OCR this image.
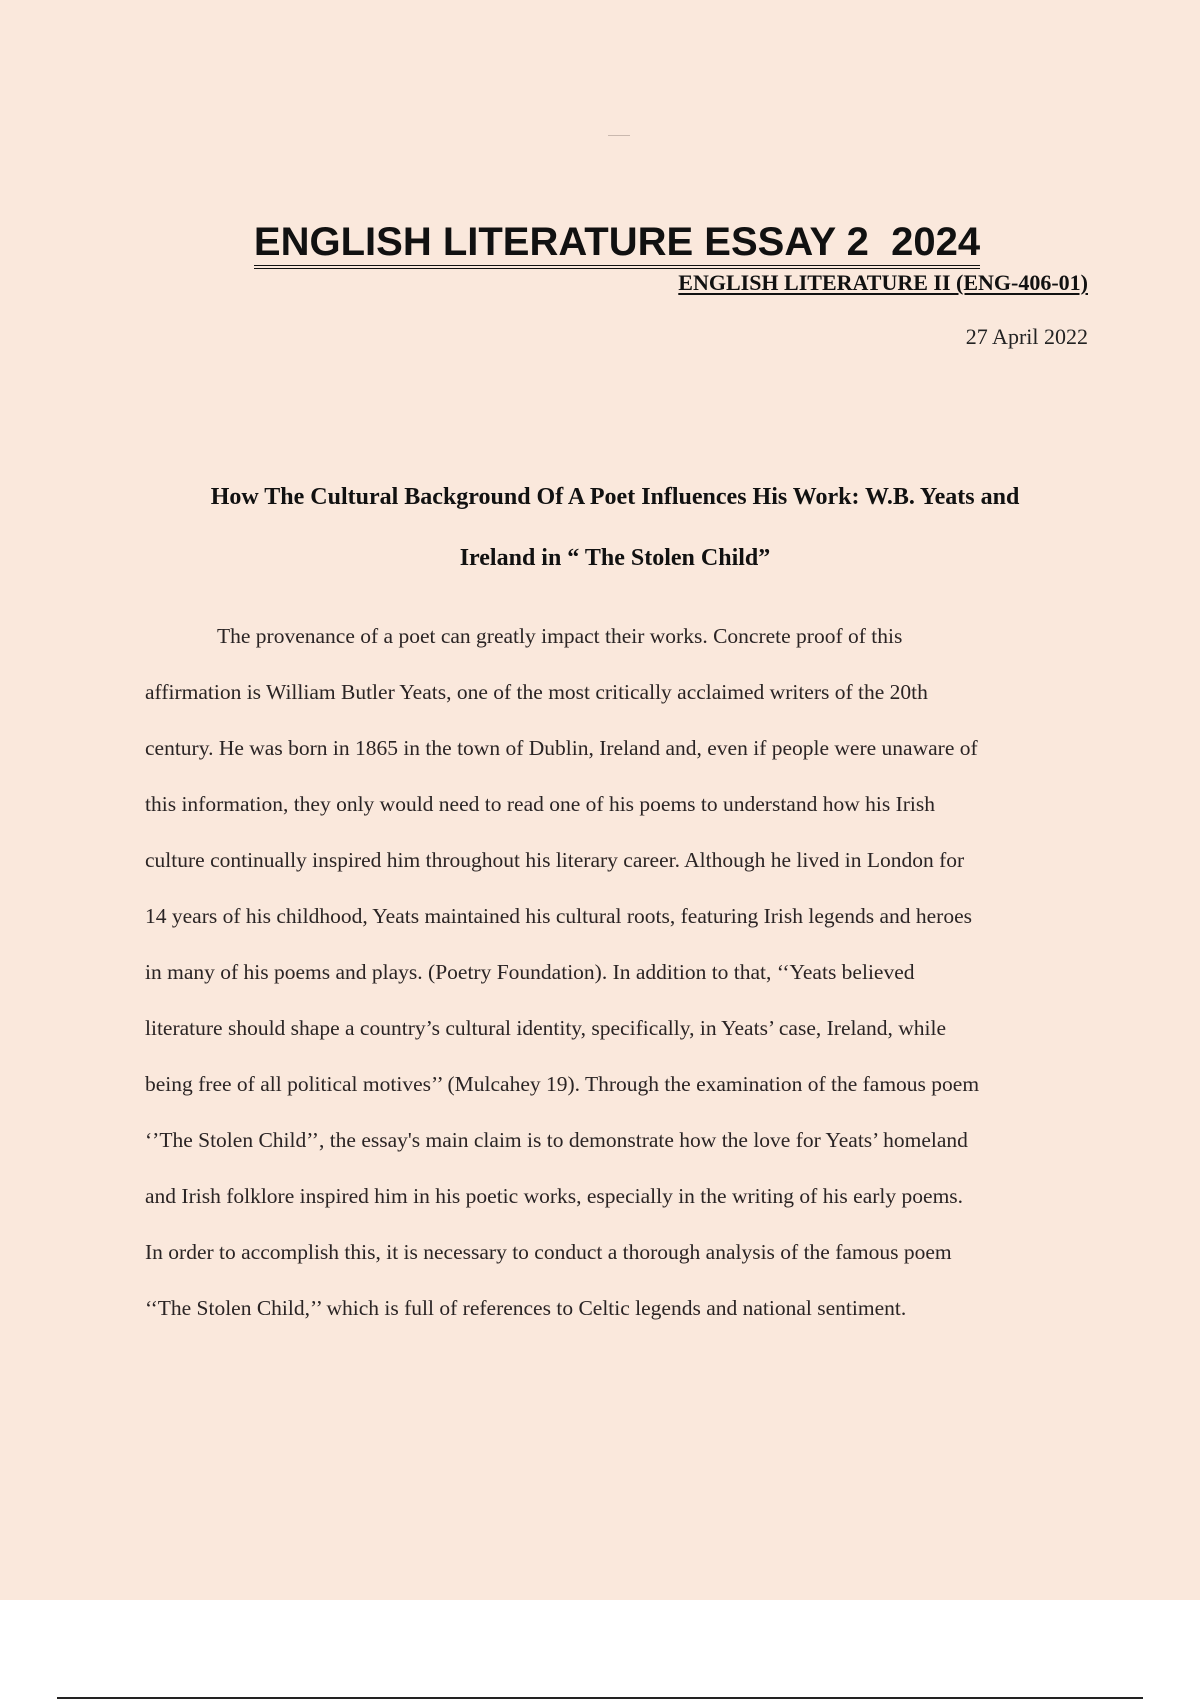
ENGLISH LITERATURE ESSAY 2  2024
ENGLISH LITERATURE II (ENG-406-01)
27 April 2022
How The Cultural Background Of A Poet Influences His Work: W.B. Yeats and
Ireland in “ The Stolen Child”
The provenance of a poet can greatly impact their works. Concrete proof of this
affirmation is William Butler Yeats, one of the most critically acclaimed writers of the 20th
century. He was born in 1865 in the town of Dublin, Ireland and, even if people were unaware of
this information, they only would need to read one of his poems to understand how his Irish
culture continually inspired him throughout his literary career. Although he lived in London for
14 years of his childhood, Yeats maintained his cultural roots, featuring Irish legends and heroes
in many of his poems and plays. (Poetry Foundation). In addition to that, ‘‘Yeats believed
literature should shape a country’s cultural identity, specifically, in Yeats’ case, Ireland, while
being free of all political motives’’ (Mulcahey 19). Through the examination of the famous poem
‘’The Stolen Child’’, the essay's main claim is to demonstrate how the love for Yeats’ homeland
and Irish folklore inspired him in his poetic works, especially in the writing of his early poems.
In order to accomplish this, it is necessary to conduct a thorough analysis of the famous poem
‘‘The Stolen Child,’’ which is full of references to Celtic legends and national sentiment.
